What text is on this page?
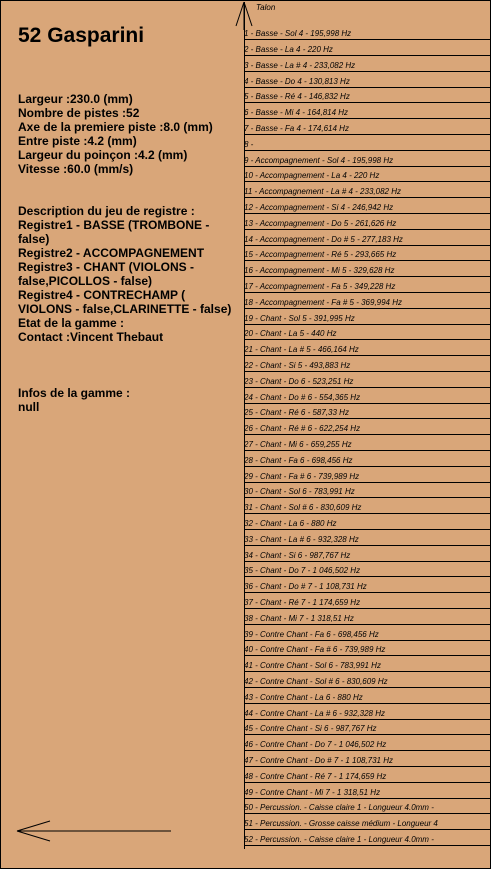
52 Gasparini
Largeur :230.0 (mm)
Nombre de pistes :52
Axe de la premiere piste :8.0 (mm)
Entre piste :4.2 (mm)
Largeur du poinçon :4.2 (mm)
Vitesse :60.0 (mm/s)
Description du jeu de registre :
Registre1 - BASSE (TROMBONE - false)
Registre2 - ACCOMPAGNEMENT
Registre3 - CHANT (VIOLONS - false,PICOLLOS - false)
Registre4 - CONTRECHAMP ( VIOLONS - false,CLARINETTE - false)
Etat de la gamme :
Contact :Vincent Thebaut
Infos de la gamme :
null
Talon
1 - Basse - Sol 4 - 195,998 Hz
2 - Basse - La 4 - 220 Hz
3 - Basse - La # 4 - 233,082 Hz
4 - Basse - Do 4 - 130,813 Hz
5 - Basse - Ré 4 - 146,832 Hz
6 - Basse - Mi 4 - 164,814 Hz
7 - Basse - Fa 4 - 174,614 Hz
8 -
9 - Accompagnement - Sol 4 - 195,998 Hz
10 - Accompagnement - La 4 - 220 Hz
11 - Accompagnement - La # 4 - 233,082 Hz
12 - Accompagnement - Si 4 - 246,942 Hz
13 - Accompagnement - Do 5 - 261,626 Hz
14 - Accompagnement - Do # 5 - 277,183 Hz
15 - Accompagnement - Ré 5 - 293,665 Hz
16 - Accompagnement - Mi 5 - 329,628 Hz
17 - Accompagnement - Fa 5 - 349,228 Hz
18 - Accompagnement - Fa # 5 - 369,994 Hz
19 - Chant - Sol 5 - 391,995 Hz
20 - Chant - La 5 - 440 Hz
21 - Chant - La # 5 - 466,164 Hz
22 - Chant - Si 5 - 493,883 Hz
23 - Chant - Do 6 - 523,251 Hz
24 - Chant - Do # 6 - 554,365 Hz
25 - Chant - Ré 6 - 587,33 Hz
26 - Chant - Ré # 6 - 622,254 Hz
27 - Chant - Mi 6 - 659,255 Hz
28 - Chant - Fa 6 - 698,456 Hz
29 - Chant - Fa # 6 - 739,989 Hz
30 - Chant - Sol 6 - 783,991 Hz
31 - Chant - Sol # 6 - 830,609 Hz
32 - Chant - La 6 - 880 Hz
33 - Chant - La # 6 - 932,328 Hz
34 - Chant - Si 6 - 987,767 Hz
35 - Chant - Do 7 - 1 046,502 Hz
36 - Chant - Do # 7 - 1 108,731 Hz
37 - Chant - Ré 7 - 1 174,659 Hz
38 - Chant - Mi 7 - 1 318,51 Hz
39 - Contre Chant - Fa 6 - 698,456 Hz
40 - Contre Chant - Fa # 6 - 739,989 Hz
41 - Contre Chant - Sol 6 - 783,991 Hz
42 - Contre Chant - Sol # 6 - 830,609 Hz
43 - Contre Chant - La 6 - 880 Hz
44 - Contre Chant - La # 6 - 932,328 Hz
45 - Contre Chant - Si 6 - 987,767 Hz
46 - Contre Chant - Do 7 - 1 046,502 Hz
47 - Contre Chant - Do # 7 - 1 108,731 Hz
48 - Contre Chant - Ré 7 - 1 174,659 Hz
49 - Contre Chant - Mi 7 - 1 318,51 Hz
50 - Percussion. - Caisse claire 1 - Longueur 4.0mm -
51 - Percussion. - Grosse caisse médium - Longueur 4
52 - Percussion. - Caisse claire 1 - Longueur 4.0mm -
